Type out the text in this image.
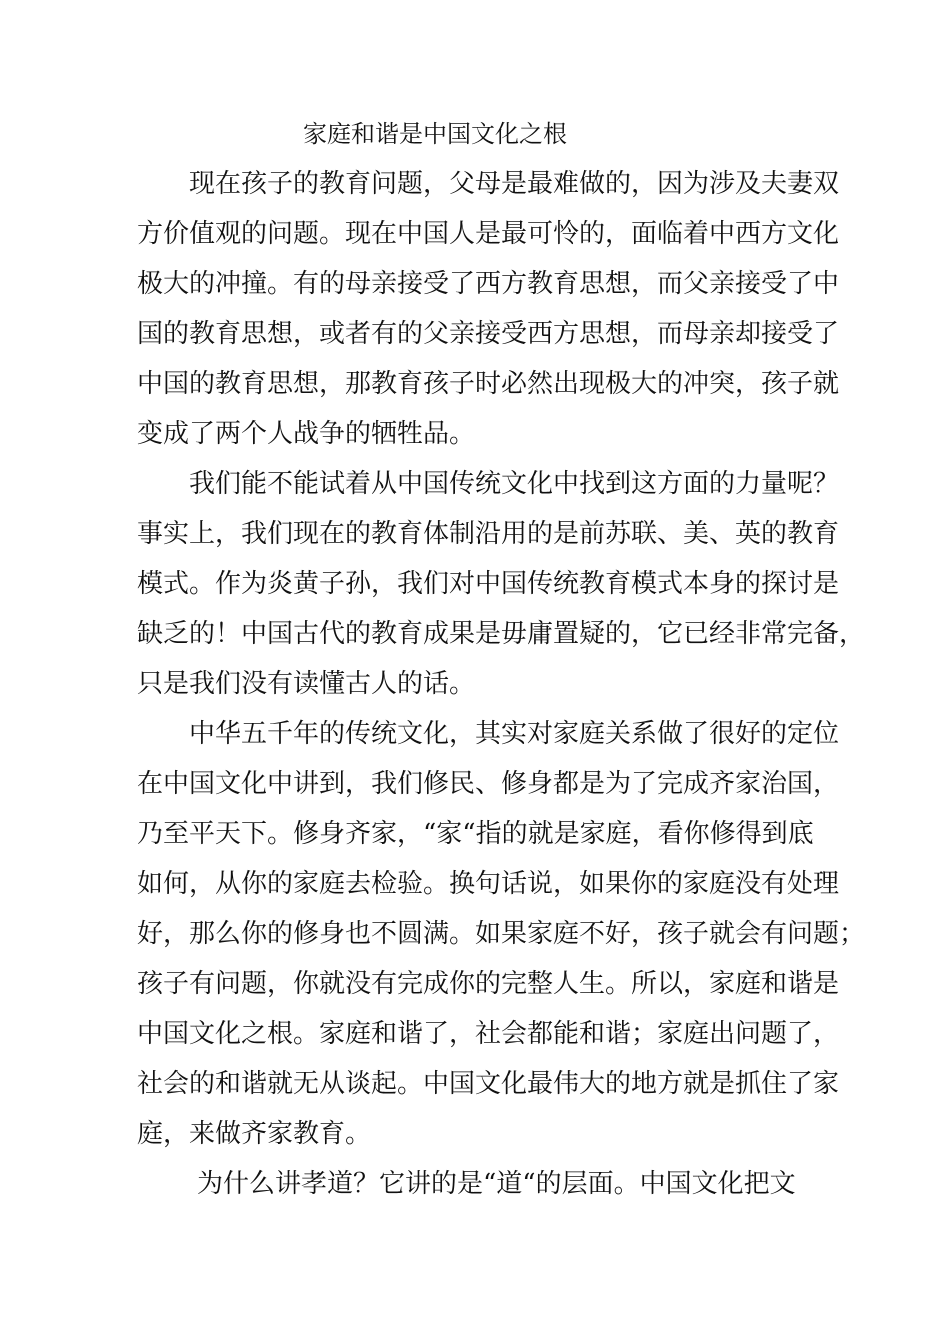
家庭和谐是中国文化之根
　　现在孩子的教育问题，父母是最难做的，因为涉及夫妻双
方价值观的问题。现在中国人是最可怜的，面临着中西方文化
极大的冲撞。有的母亲接受了西方教育思想，而父亲接受了中
国的教育思想，或者有的父亲接受西方思想，而母亲却接受了
中国的教育思想，那教育孩子时必然出现极大的冲突，孩子就
变成了两个人战争的牺牲品。
　　我们能不能试着从中国传统文化中找到这方面的力量呢？
事实上，我们现在的教育体制沿用的是前苏联、美、英的教育
模式。作为炎黄子孙，我们对中国传统教育模式本身的探讨是
缺乏的！中国古代的教育成果是毋庸置疑的，它已经非常完备，
只是我们没有读懂古人的话。
　　中华五千年的传统文化，其实对家庭关系做了很好的定位
在中国文化中讲到，我们修民、修身都是为了完成齐家治国，
乃至平天下。修身齐家，“家“指的就是家庭，看你修得到底
如何，从你的家庭去检验。换句话说，如果你的家庭没有处理
好，那么你的修身也不圆满。如果家庭不好，孩子就会有问题；
孩子有问题，你就没有完成你的完整人生。所以，家庭和谐是
中国文化之根。家庭和谐了，社会都能和谐；家庭出问题了，
社会的和谐就无从谈起。中国文化最伟大的地方就是抓住了家
庭，来做齐家教育。
　　为什么讲孝道？它讲的是“道“的层面。中国文化把文
